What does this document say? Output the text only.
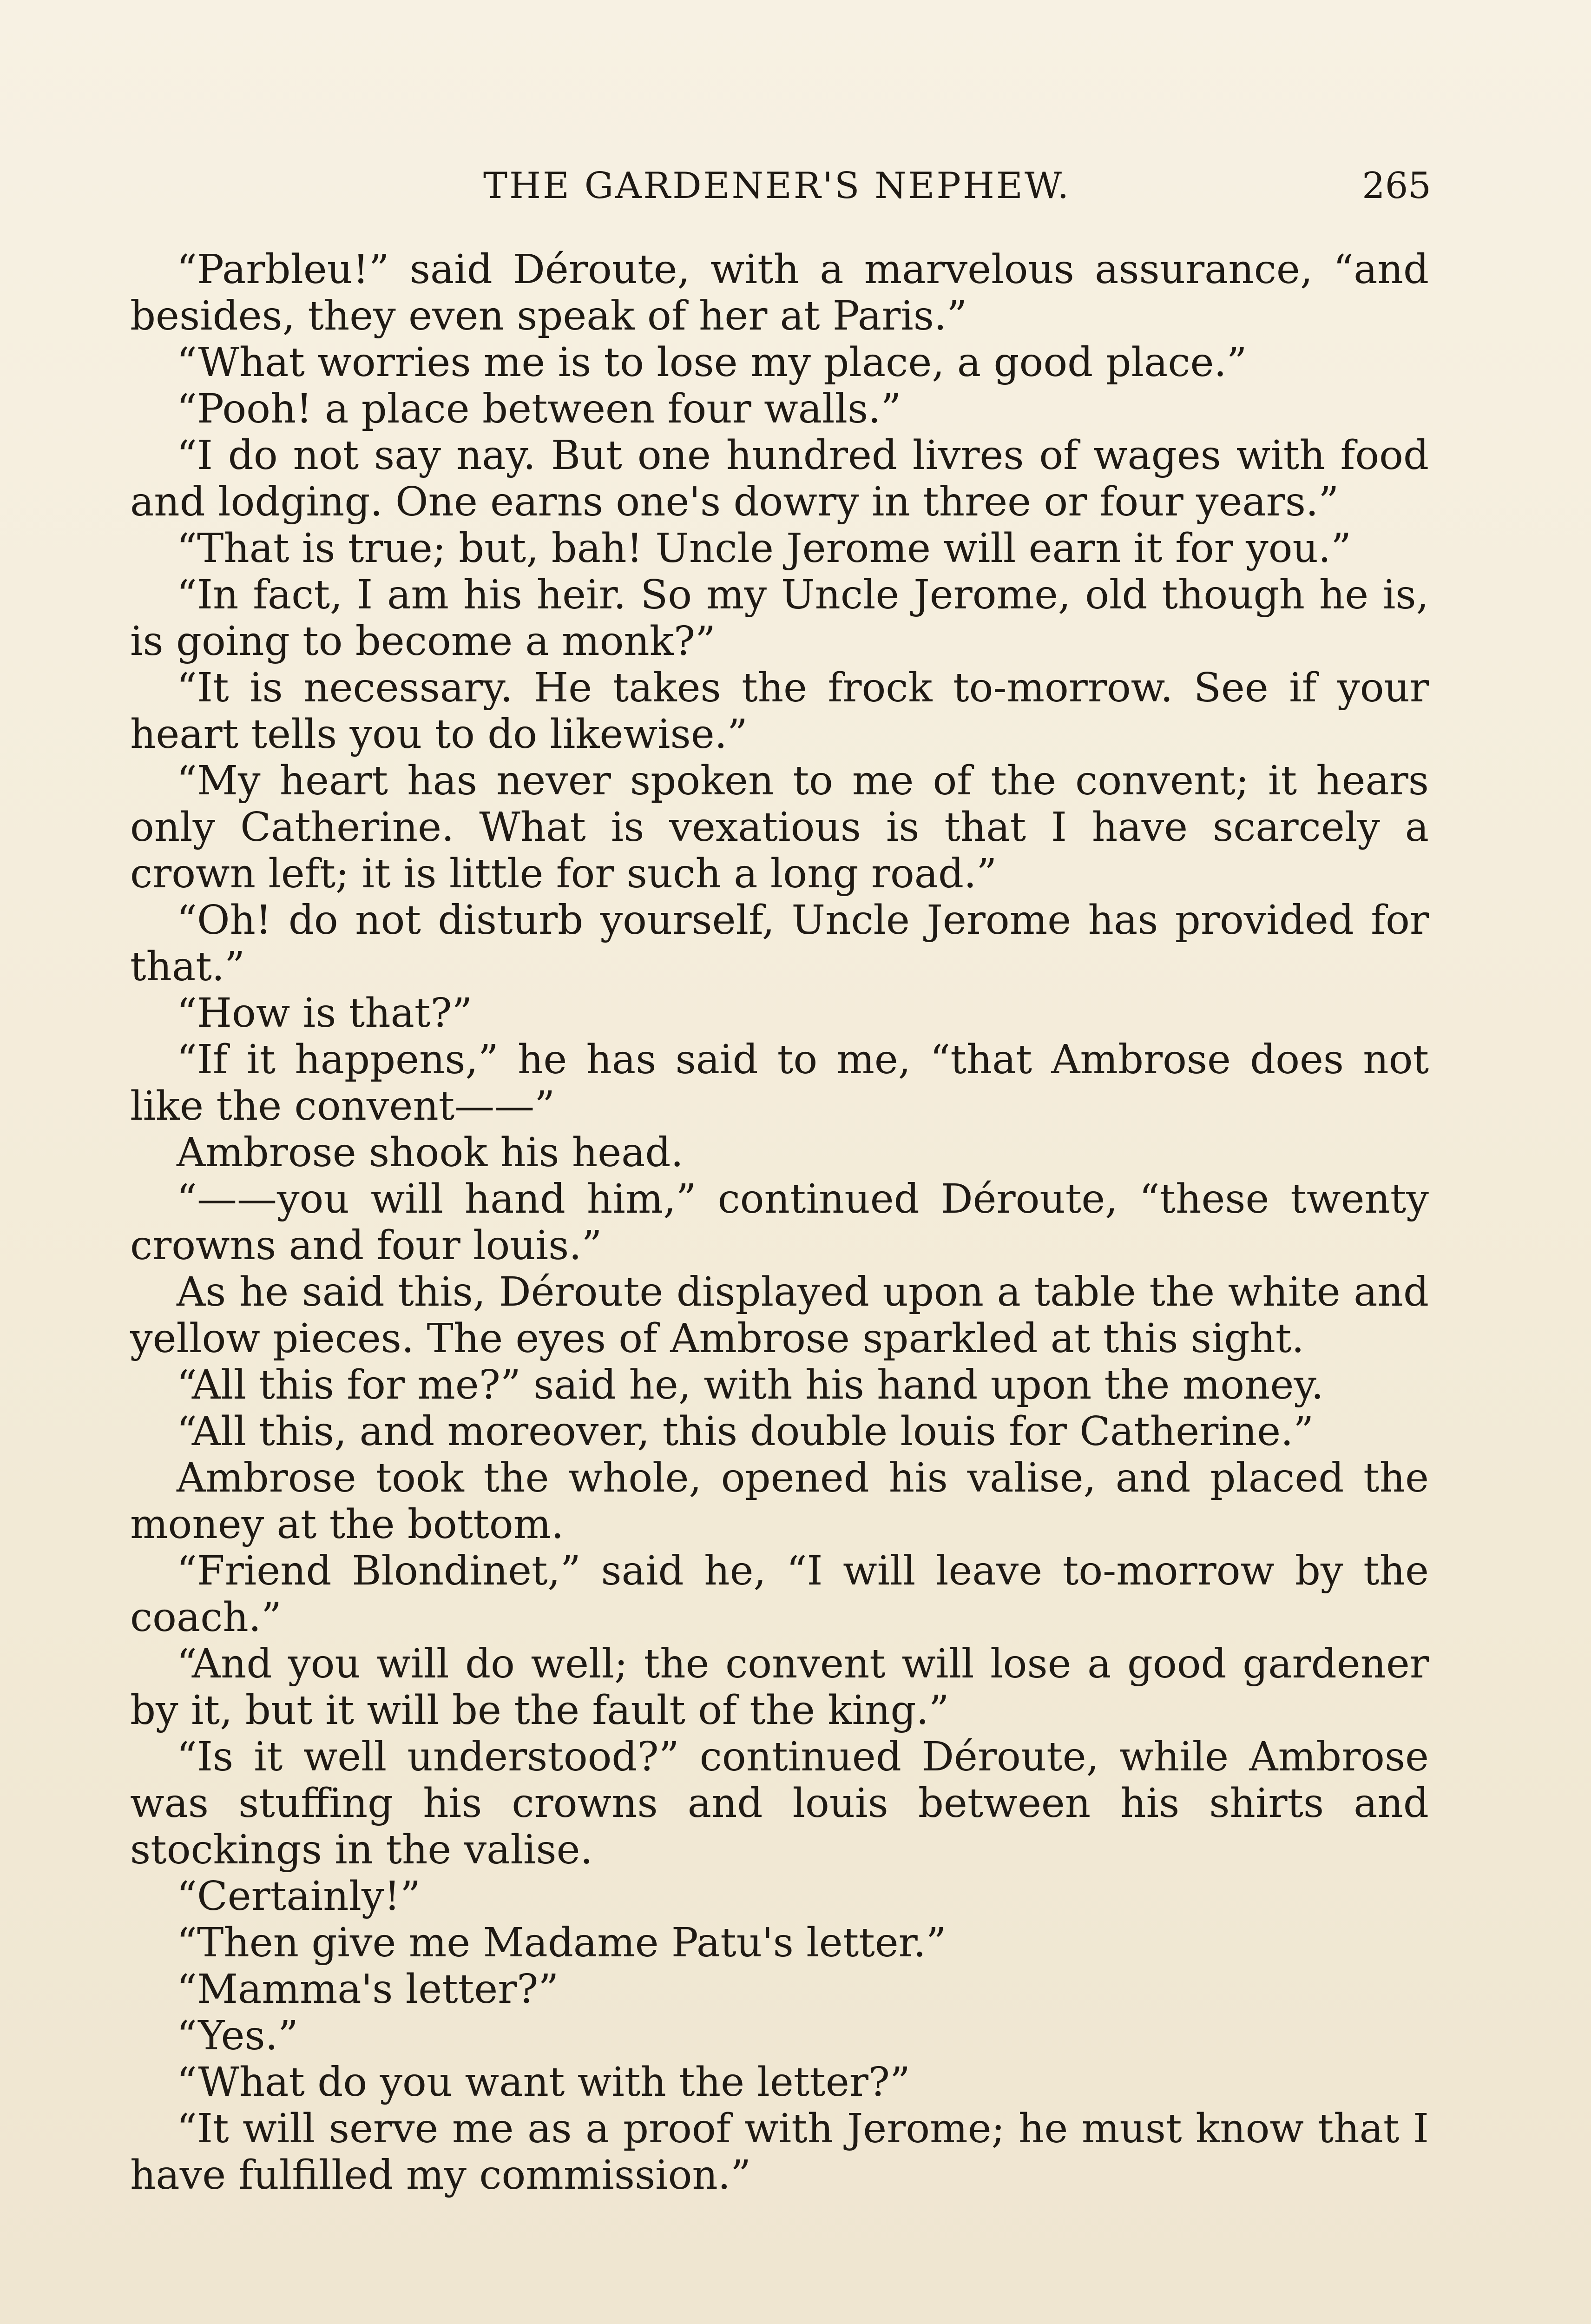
THE GARDENER'S NEPHEW.	265

“Parbleu!” said Déroute, with a marvelous assurance, “and besides, they even speak of her at Paris.”

“What worries me is to lose my place, a good place.”

“Pooh! a place between four walls.”

“I do not say nay. But one hundred livres of wages with food and lodging. One earns one's dowry in three or four years.”

“That is true; but, bah! Uncle Jerome will earn it for you.”

“In fact, I am his heir. So my Uncle Jerome, old though he is, is going to become a monk?”

“It is necessary. He takes the frock to-morrow. See if your heart tells you to do likewise.”

“My heart has never spoken to me of the convent; it hears only Catherine. What is vexatious is that I have scarcely a crown left; it is little for such a long road.”

“Oh! do not disturb yourself, Uncle Jerome has provided for that.”

“How is that?”

“If it happens,” he has said to me, “that Ambrose does not like the convent——”

Ambrose shook his head.

“——you will hand him,” continued Déroute, “these twenty crowns and four louis.”

As he said this, Déroute displayed upon a table the white and yellow pieces. The eyes of Ambrose sparkled at this sight.

“All this for me?” said he, with his hand upon the money.

“All this, and moreover, this double louis for Catherine.”

Ambrose took the whole, opened his valise, and placed the money at the bottom.

“Friend Blondinet,” said he, “I will leave to-morrow by the coach.”

“And you will do well; the convent will lose a good gardener by it, but it will be the fault of the king.”

“Is it well understood?” continued Déroute, while Ambrose was stuffing his crowns and louis between his shirts and stockings in the valise.

“Certainly!”

“Then give me Madame Patu's letter.”

“Mamma's letter?”

“Yes.”

“What do you want with the letter?”

“It will serve me as a proof with Jerome; he must know that I have fulfilled my commission.”
